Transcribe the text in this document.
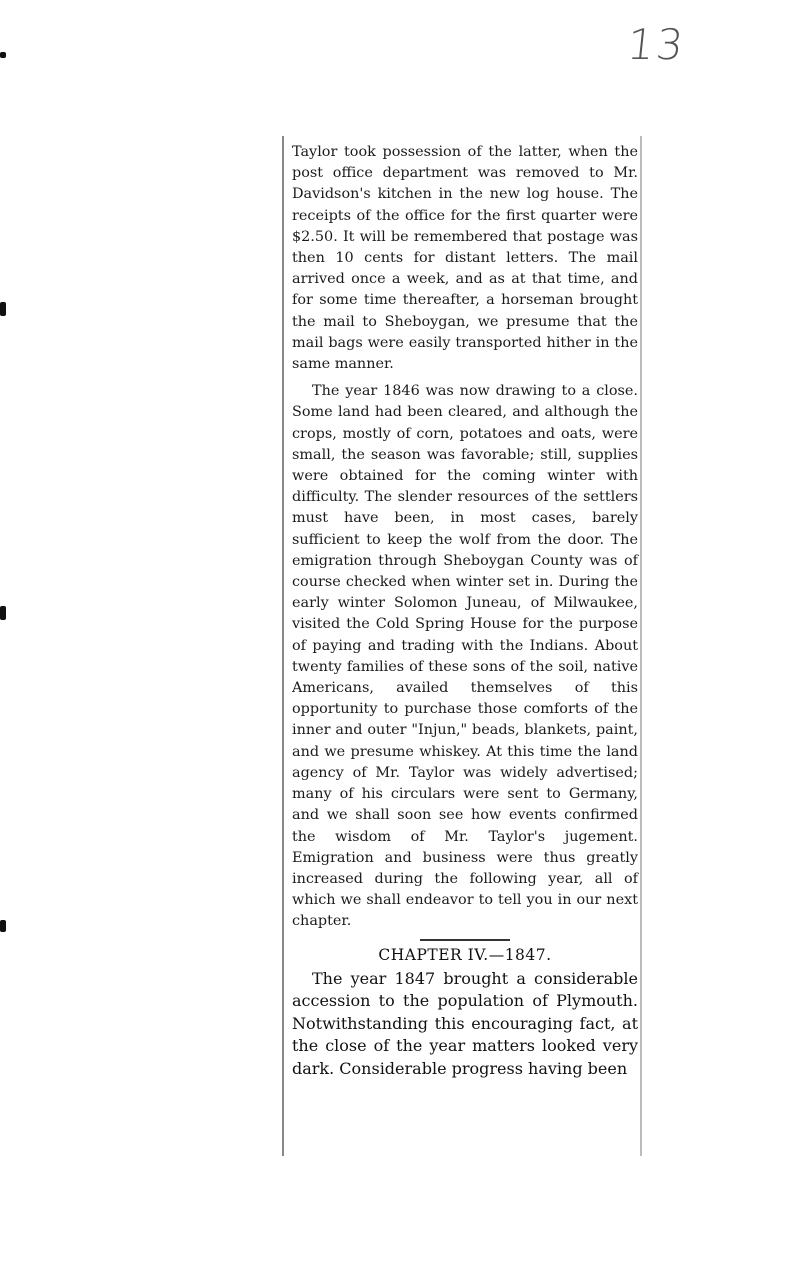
13

Taylor took possession of the latter, when the post office department was removed to Mr. Davidson's kitchen in the new log house. The receipts of the office for the first quarter were $2.50. It will be remembered that postage was then 10 cents for distant letters. The mail arrived once a week, and as at that time, and for some time thereafter, a horseman brought the mail to Sheboygan, we presume that the mail bags were easily transported hither in the same manner.

The year 1846 was now drawing to a close. Some land had been cleared, and although the crops, mostly of corn, potatoes and oats, were small, the season was favorable; still, supplies were obtained for the coming winter with difficulty. The slender resources of the settlers must have been, in most cases, barely sufficient to keep the wolf from the door. The emigration through Sheboygan County was of course checked when winter set in. During the early winter Solomon Juneau, of Milwaukee, visited the Cold Spring House for the purpose of paying and trading with the Indians. About twenty families of these sons of the soil, native Americans, availed themselves of this opportunity to purchase those comforts of the inner and outer "Injun," beads, blankets, paint, and we presume whiskey. At this time the land agency of Mr. Taylor was widely advertised; many of his circulars were sent to Germany, and we shall soon see how events confirmed the wisdom of Mr. Taylor's jugement. Emigration and business were thus greatly increased during the following year, all of which we shall endeavor to tell you in our next chapter.

CHAPTER IV.—1847.

The year 1847 brought a considerable accession to the population of Plymouth. Notwithstanding this encouraging fact, at the close of the year matters looked very dark. Considerable progress having been
